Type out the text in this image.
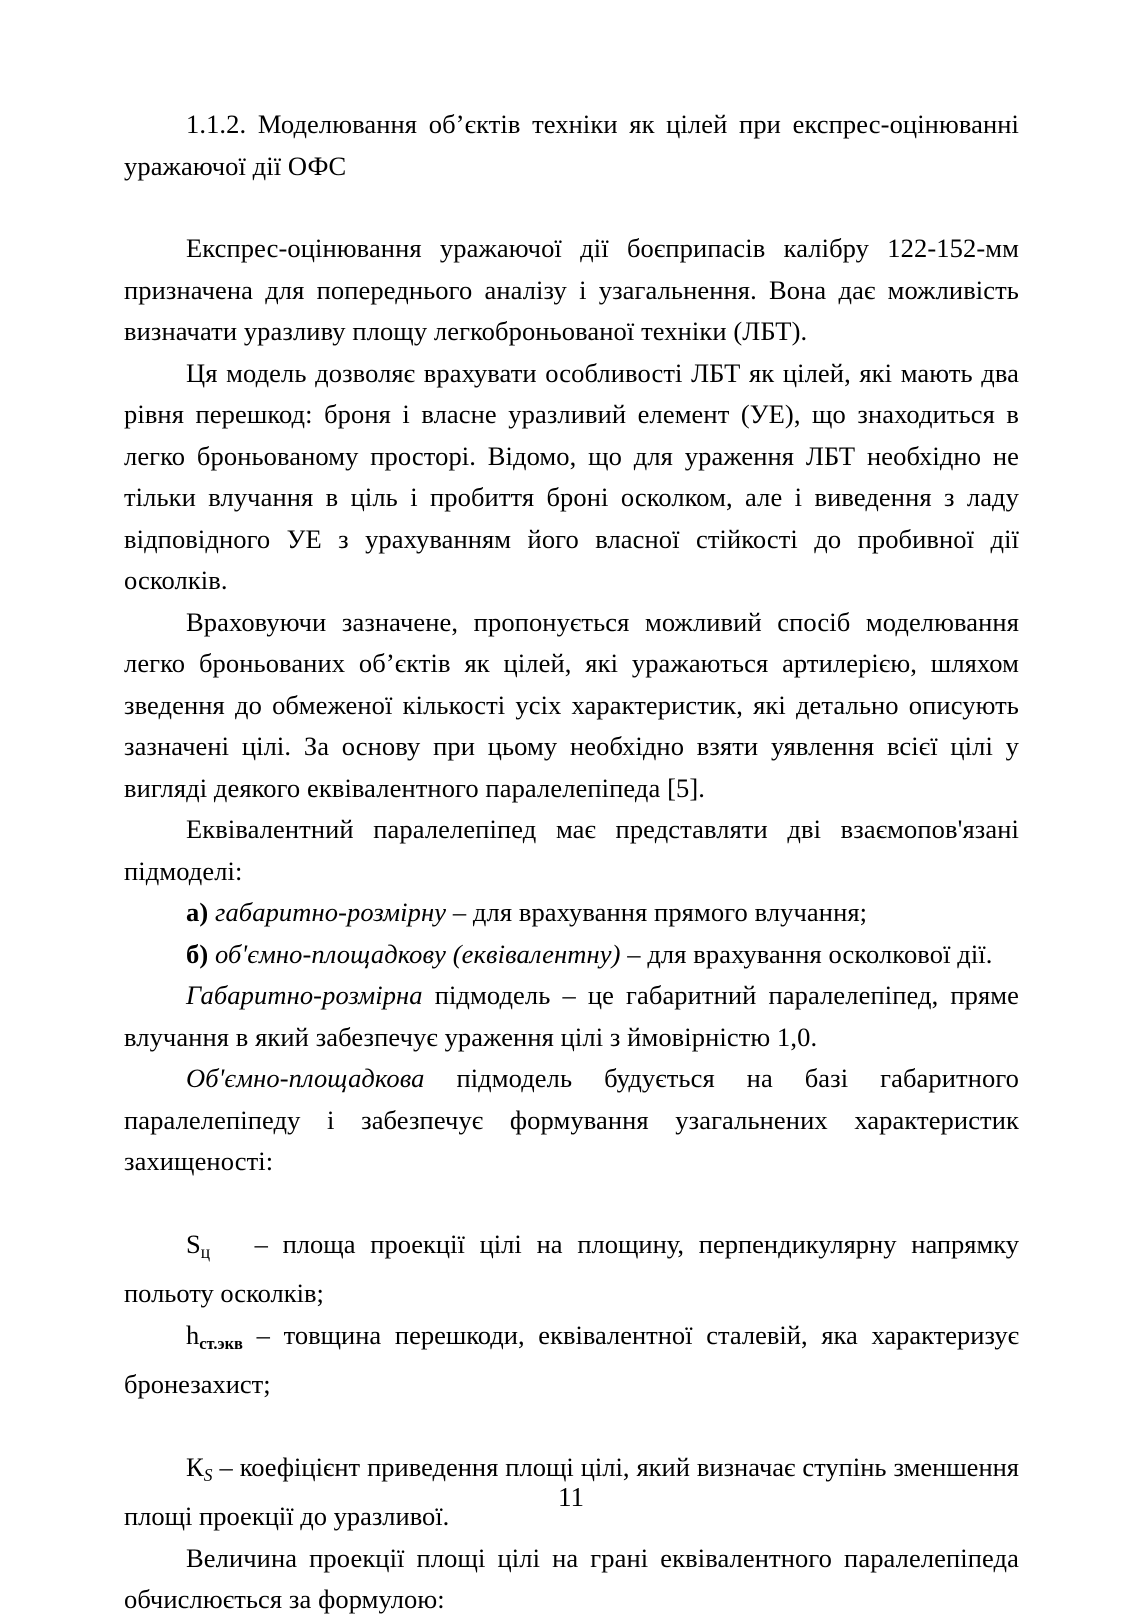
1.1.2. Моделювання об’єктів техніки як цілей при експрес-оцінюванні уражаючої дії ОФС

Експрес-оцінювання уражаючої дії боєприпасів калібру 122-152-мм призначена для попереднього аналізу і узагальнення. Вона дає можливість визначати уразливу площу легкоброньованої техніки (ЛБТ).

Ця модель дозволяє врахувати особливості ЛБТ як цілей, які мають два рівня перешкод: броня і власне уразливий елемент (УЕ), що знаходиться в легко броньованому просторі. Відомо, що для ураження ЛБТ необхідно не тільки влучання в ціль і пробиття броні осколком, але і виведення з ладу відповідного УЕ з урахуванням його власної стійкості до пробивної дії осколків.

Враховуючи зазначене, пропонується можливий спосіб моделювання легко броньованих об’єктів як цілей, які уражаються артилерією, шляхом зведення до обмеженої кількості усіх характеристик, які детально описують зазначені цілі. За основу при цьому необхідно взяти уявлення всієї цілі у вигляді деякого еквівалентного паралелепіпеда [5].

Еквівалентний паралелепіпед має представляти дві взаємопов'язані підмоделі:

а) габаритно-розмірну – для врахування прямого влучання;

б) об'ємно-площадкову (еквівалентну) – для врахування осколкової дії.

Габаритно-розмірна підмодель – це габаритний паралелепіпед, пряме влучання в який забезпечує ураження цілі з ймовірністю 1,0.

Об'ємно-площадкова підмодель будується на базі габаритного паралелепіпеду і забезпечує формування узагальнених характеристик захищеності:

$S_ц$   – площа проекції цілі на площину, перпендикулярну напрямку польоту осколків;

hст.экв – товщина перешкоди, еквівалентної сталевій, яка характеризує бронезахист;

КS – коефіцієнт приведення площі цілі, який визначає ступінь зменшення площі проекції до уразливої.

Величина проекції площі цілі на грані еквівалентного паралелепіпеда обчислюється за формулою:

11
